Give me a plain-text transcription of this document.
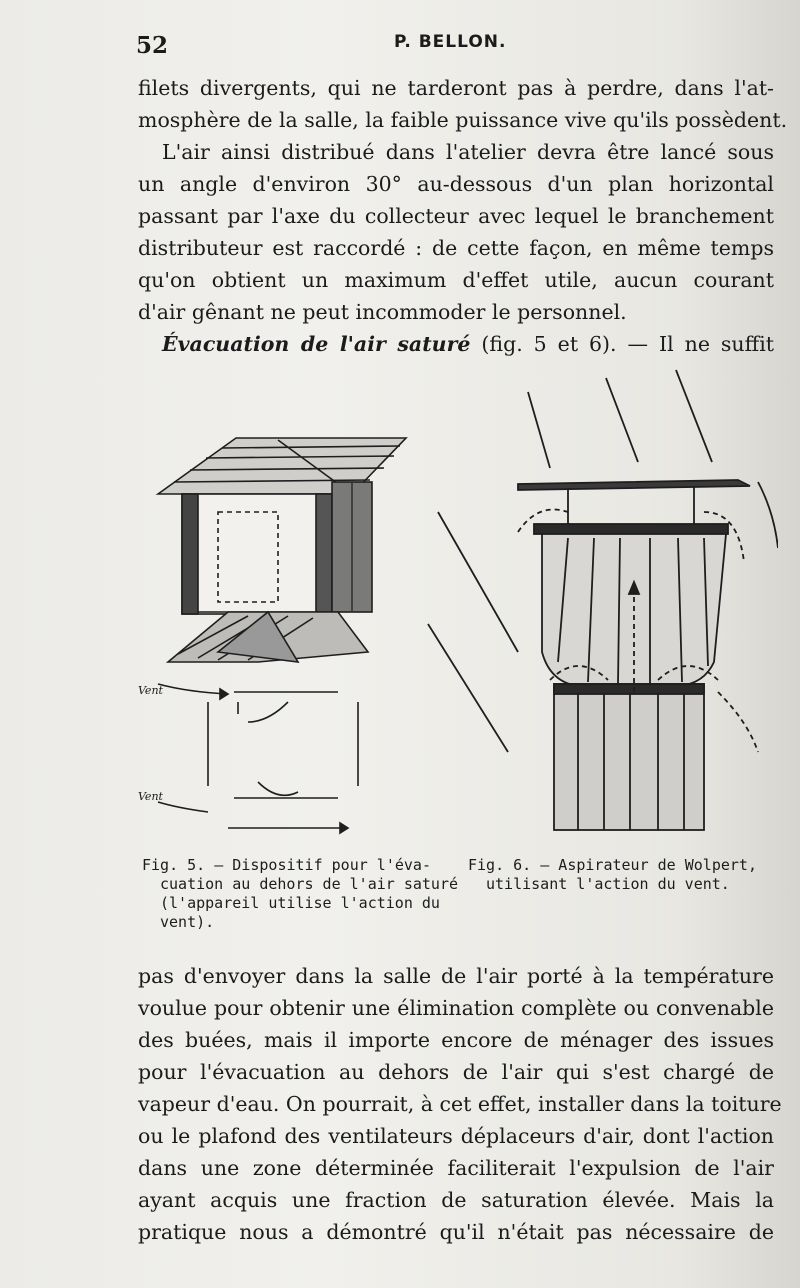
52	P. BELLON.
filets divergents, qui ne tarderont pas à perdre, dans l'at-
mosphère de la salle, la faible puissance vive qu'ils possèdent.
L'air ainsi distribué dans l'atelier devra être lancé sous
un angle d'environ 30° au-dessous d'un plan horizontal
passant par l'axe du collecteur avec lequel le branchement
distributeur est raccordé : de cette façon, en même temps
qu'on obtient un maximum d'effet utile, aucun courant
d'air gênant ne peut incommoder le personnel.
Évacuation de l'air saturé (fig. 5 et 6). — Il ne suffit
Vent
Vent
Fig. 5. — Dispositif pour l'éva-
cuation au dehors de l'air saturé
(l'appareil utilise l'action du
vent).
Fig. 6. — Aspirateur de Wolpert,
utilisant l'action du vent.
pas d'envoyer dans la salle de l'air porté à la température
voulue pour obtenir une élimination complète ou convenable
des buées, mais il importe encore de ménager des issues
pour l'évacuation au dehors de l'air qui s'est chargé de
vapeur d'eau. On pourrait, à cet effet, installer dans la toiture
ou le plafond des ventilateurs déplaceurs d'air, dont l'action
dans une zone déterminée faciliterait l'expulsion de l'air
ayant acquis une fraction de saturation élevée. Mais la
pratique nous a démontré qu'il n'était pas nécessaire de
